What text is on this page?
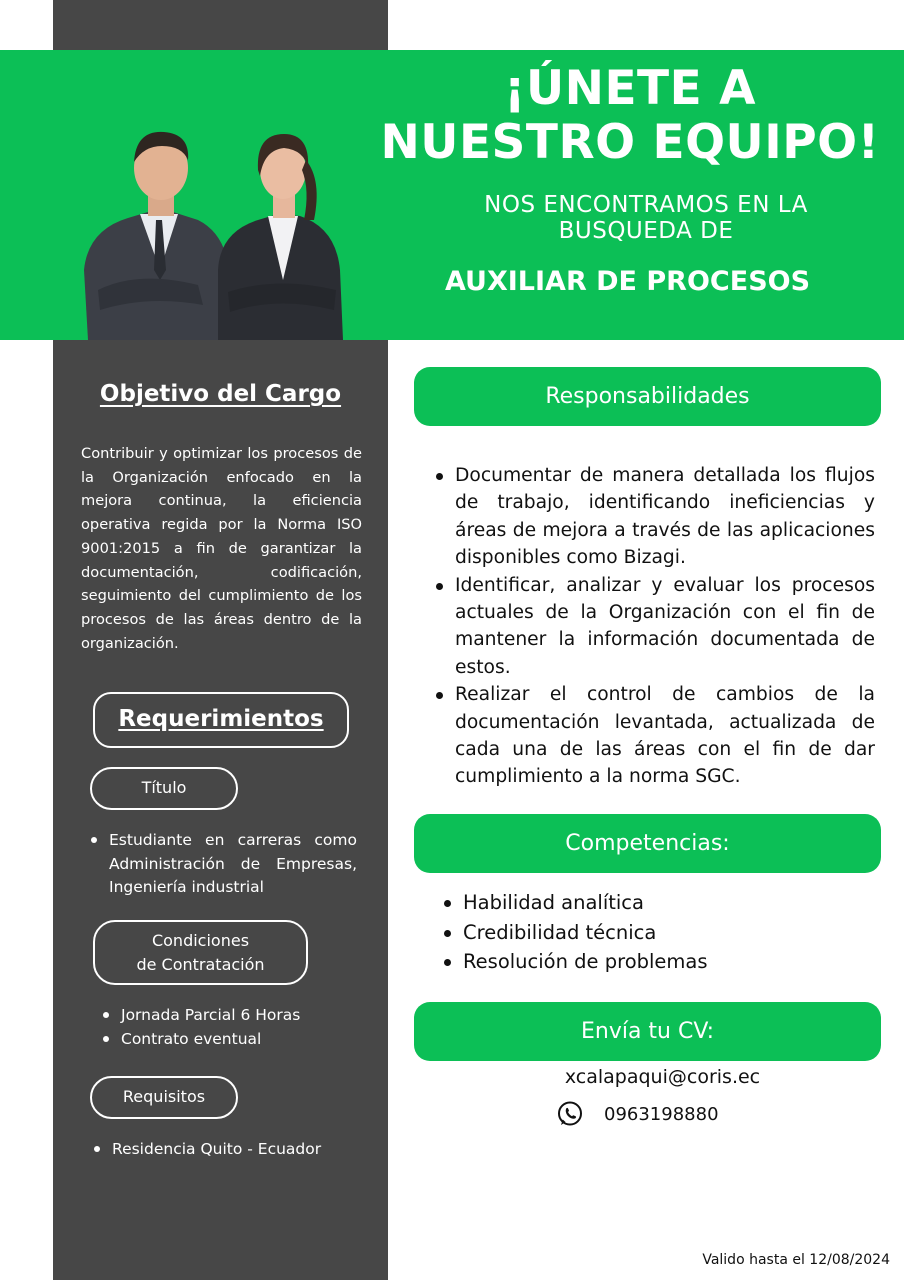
¡ÚNETE A NUESTRO EQUIPO!
NOS ENCONTRAMOS EN LA BUSQUEDA DE
AUXILIAR DE PROCESOS
Objetivo del Cargo
Contribuir y optimizar los procesos de la Organización enfocado en la mejora continua, la eficiencia operativa regida por la Norma ISO 9001:2015 a fin de garantizar la documentación, codificación, seguimiento del cumplimiento de los procesos de las áreas dentro de la organización.
Requerimientos
Título
Estudiante en carreras como Administración de Empresas, Ingeniería industrial
Condiciones
de Contratación
Jornada Parcial 6 Horas
Contrato eventual
Requisitos
Residencia Quito - Ecuador
Responsabilidades
Documentar de manera detallada los flujos de trabajo, identificando ineficiencias y áreas de mejora a través de las aplicaciones disponibles como Bizagi.
Identificar, analizar y evaluar los procesos actuales de la Organización con el fin de mantener la información documentada de estos.
Realizar el control de cambios de la documentación levantada, actualizada de cada una de las áreas con el fin de dar cumplimiento a la norma SGC.
Competencias:
Habilidad analítica
Credibilidad técnica
Resolución de problemas
Envía tu CV:
xcalapaqui@coris.ec
0963198880
Valido hasta el 12/08/2024
